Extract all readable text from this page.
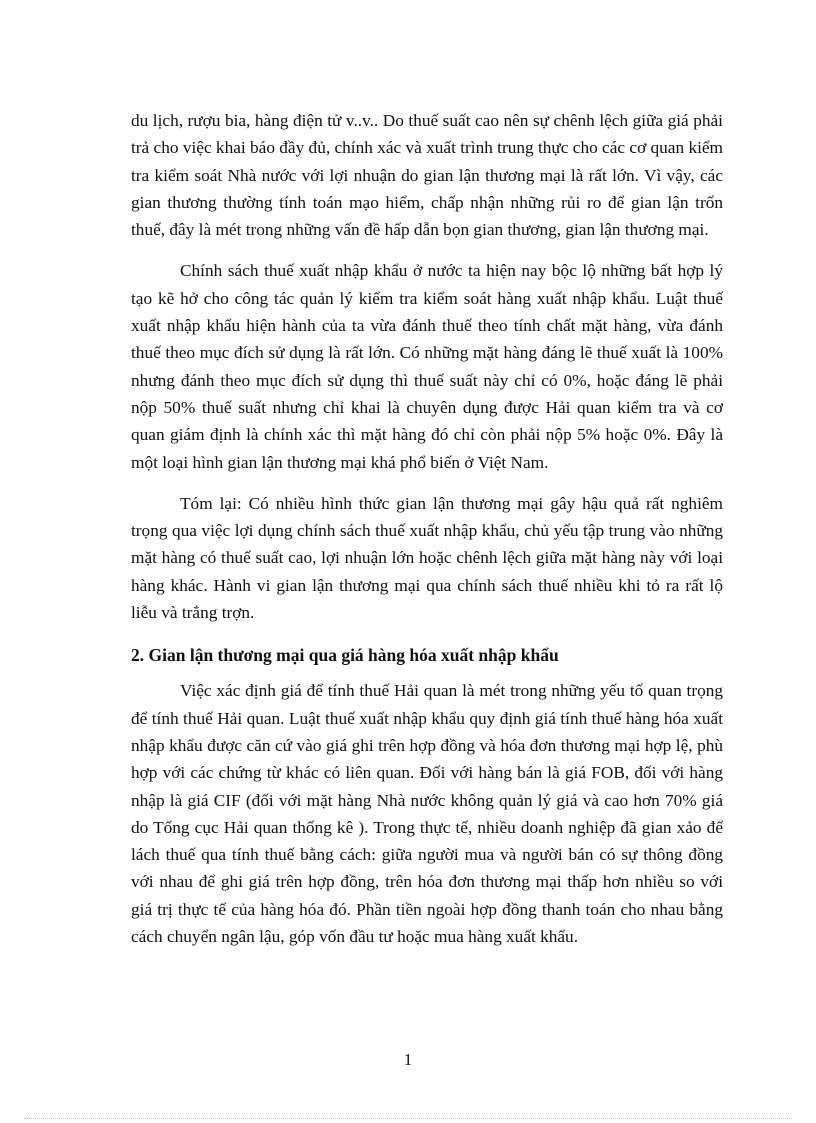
du lịch, rượu bia, hàng điện tử v..v.. Do thuế suất cao nên sự chênh lệch giữa giá phải trả cho việc khai báo đầy đủ, chính xác và xuất trình trung thực cho các cơ quan kiểm tra kiểm soát Nhà nước với lợi nhuận do gian lận thương mại là rất lớn. Vì vậy, các gian thương thường tính toán mạo hiểm, chấp nhận những rủi ro để gian lận trốn thuế, đây là mét trong những vấn đề hấp dẫn bọn gian thương, gian lận thương mại.

Chính sách thuế xuất nhập khẩu ở nước ta hiện nay bộc lộ những bất hợp lý tạo kẽ hở cho công tác quản lý kiểm tra kiểm soát hàng xuất nhập khẩu. Luật thuế xuất nhập khẩu hiện hành của ta vừa đánh thuế theo tính chất mặt hàng, vừa đánh thuế theo mục đích sử dụng là rất lớn. Có những mặt hàng đáng lẽ thuế xuất là 100% nhưng đánh theo mục đích sử dụng thì thuế suất này chỉ có 0%, hoặc đáng lẽ phải nộp 50% thuế suất nhưng chỉ khai là chuyên dụng được Hải quan kiểm tra và cơ quan giám định là chính xác thì mặt hàng đó chỉ còn phải nộp 5% hoặc 0%. Đây là một loại hình gian lận thương mại khá phổ biến ở Việt Nam.

Tóm lại: Có nhiều hình thức gian lận thương mại gây hậu quả rất nghiêm trọng qua việc lợi dụng chính sách thuế xuất nhập khẩu, chủ yếu tập trung vào những mặt hàng có thuế suất cao, lợi nhuận lớn hoặc chênh lệch giữa mặt hàng này với loại hàng khác. Hành vi gian lận thương mại qua chính sách thuế nhiều khi tỏ ra rất lộ liễu và trắng trợn.

2. Gian lận thương mại qua giá hàng hóa xuất nhập khẩu

Việc xác định giá để tính thuế Hải quan là mét trong những yếu tố quan trọng để tính thuế Hải quan. Luật thuế xuất nhập khẩu quy định giá tính thuế hàng hóa xuất nhập khẩu được căn cứ vào giá ghi trên hợp đồng và hóa đơn thương mại hợp lệ, phù hợp với các chứng từ khác có liên quan. Đối với hàng bán là giá FOB, đối với hàng nhập là giá CIF (đối với mặt hàng Nhà nước không quản lý giá và cao hơn 70% giá do Tổng cục Hải quan thống kê ). Trong thực tế, nhiều doanh nghiệp đã gian xảo để lách thuế qua tính thuế bằng cách: giữa người mua và người bán có sự thông đồng với nhau để ghi giá trên hợp đồng, trên hóa đơn thương mại thấp hơn nhiều so với giá trị thực tế của hàng hóa đó. Phần tiền ngoài hợp đồng thanh toán cho nhau bằng cách chuyển ngân lậu, góp vốn đầu tư hoặc mua hàng xuất khẩu.

1
